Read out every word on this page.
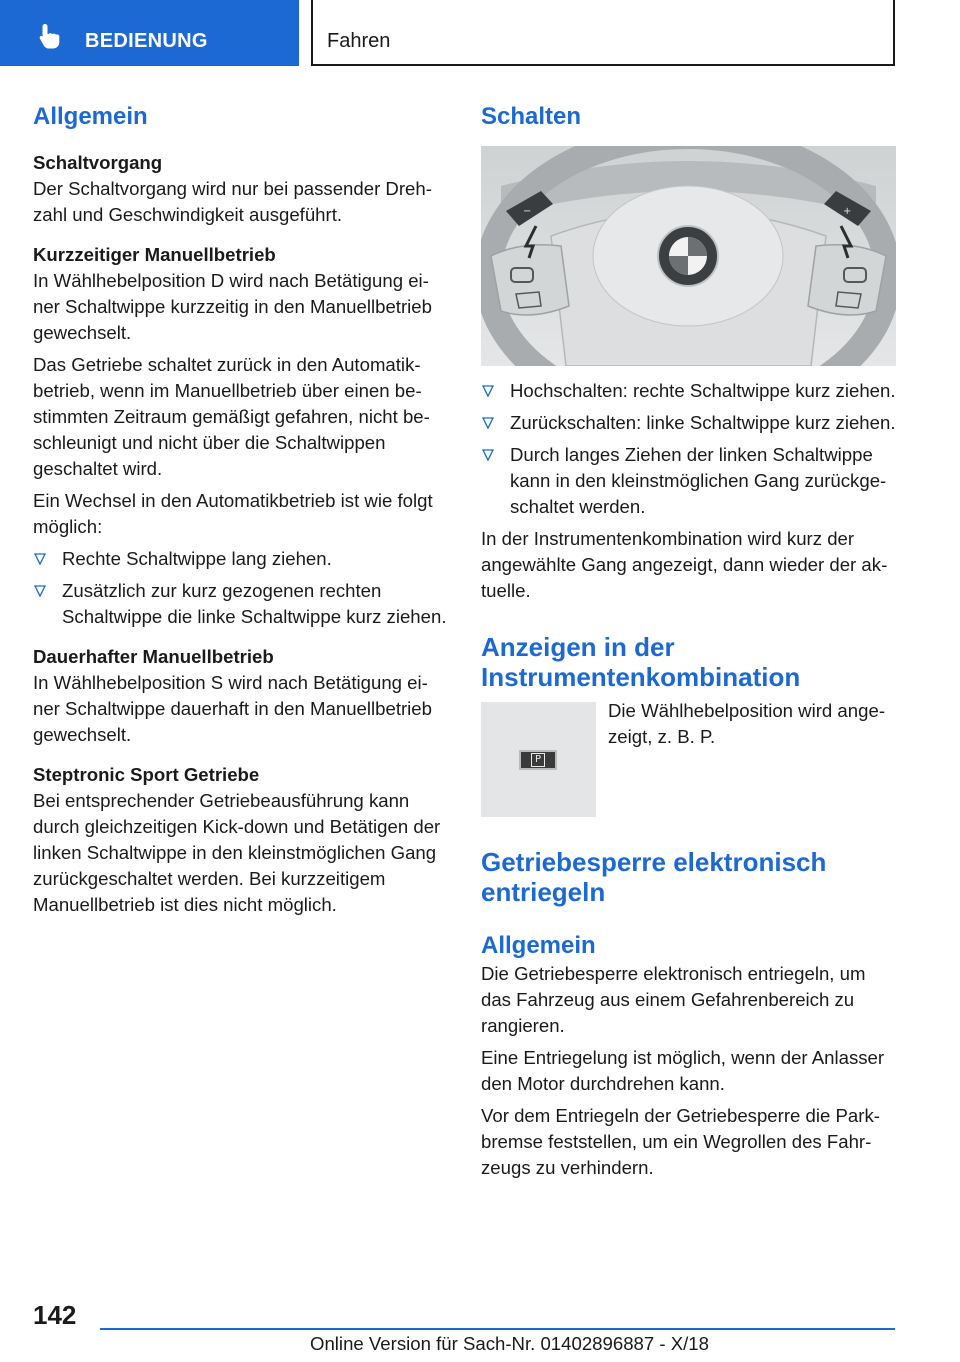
BEDIENUNG	Fahren
Allgemein
Schaltvorgang

Der Schaltvorgang wird nur bei passender Drehzahl und Geschwindigkeit ausgeführt.

Kurzzeitiger Manuellbetrieb

In Wählhebelposition D wird nach Betätigung einer Schaltwippe kurzzeitig in den Manuellbetrieb gewechselt.

Das Getriebe schaltet zurück in den Automatikbetrieb, wenn im Manuellbetrieb über einen bestimmten Zeitraum gemäßigt gefahren, nicht beschleunigt und nicht über die Schaltwippen geschaltet wird.

Ein Wechsel in den Automatikbetrieb ist wie folgt möglich:

Rechte Schaltwippe lang ziehen.
Zusätzlich zur kurz gezogenen rechten Schaltwippe die linke Schaltwippe kurz ziehen.
Dauerhafter Manuellbetrieb

In Wählhebelposition S wird nach Betätigung einer Schaltwippe dauerhaft in den Manuellbetrieb gewechselt.

Steptronic Sport Getriebe

Bei entsprechender Getriebeausführung kann durch gleichzeitigen Kick-down und Betätigen der linken Schaltwippe in den kleinstmöglichen Gang zurückgeschaltet werden. Bei kurzzeitigem Manuellbetrieb ist dies nicht möglich.

Schalten
−	+
Hochschalten: rechte Schaltwippe kurz ziehen.
Zurückschalten: linke Schaltwippe kurz ziehen.
Durch langes Ziehen der linken Schaltwippe kann in den kleinstmöglichen Gang zurückgeschaltet werden.

In der Instrumentenkombination wird kurz der angewählte Gang angezeigt, dann wieder der aktuelle.

Anzeigen in der Instrumentenkombination
P

Die Wählhebelposition wird angezeigt, z. B. P.

Getriebesperre elektronisch entriegeln
Allgemein

Die Getriebesperre elektronisch entriegeln, um das Fahrzeug aus einem Gefahrenbereich zu rangieren.

Eine Entriegelung ist möglich, wenn der Anlasser den Motor durchdrehen kann.

Vor dem Entriegeln der Getriebesperre die Parkbremse feststellen, um ein Wegrollen des Fahrzeugs zu verhindern.

142
Online Version für Sach-Nr. 01402896887 - X/18
